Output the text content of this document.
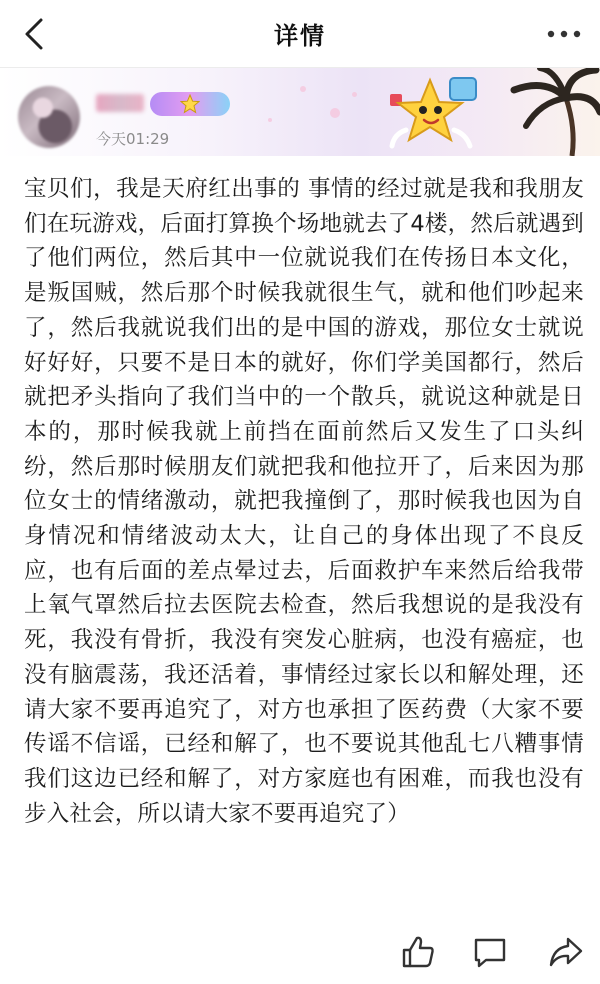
详情
今天01:29
宝贝们，我是天府红出事的 事情的经过就是我和我朋友们在玩游戏，后面打算换个场地就去了4楼，然后就遇到了他们两位，然后其中一位就说我们在传扬日本文化，是叛国贼，然后那个时候我就很生气，就和他们吵起来了，然后我就说我们出的是中国的游戏，那位女士就说好好好，只要不是日本的就好，你们学美国都行，然后就把矛头指向了我们当中的一个散兵，就说这种就是日本的，那时候我就上前挡在面前然后又发生了口头纠纷，然后那时候朋友们就把我和他拉开了，后来因为那位女士的情绪激动，就把我撞倒了，那时候我也因为自身情况和情绪波动太大，让自己的身体出现了不良反应，也有后面的差点晕过去，后面救护车来然后给我带上氧气罩然后拉去医院去检查，然后我想说的是我没有死，我没有骨折，我没有突发心脏病，也没有癌症，也没有脑震荡，我还活着，事情经过家长以和解处理，还请大家不要再追究了，对方也承担了医药费（大家不要传谣不信谣，已经和解了，也不要说其他乱七八糟事情我们这边已经和解了，对方家庭也有困难，而我也没有步入社会，所以请大家不要再追究了）
